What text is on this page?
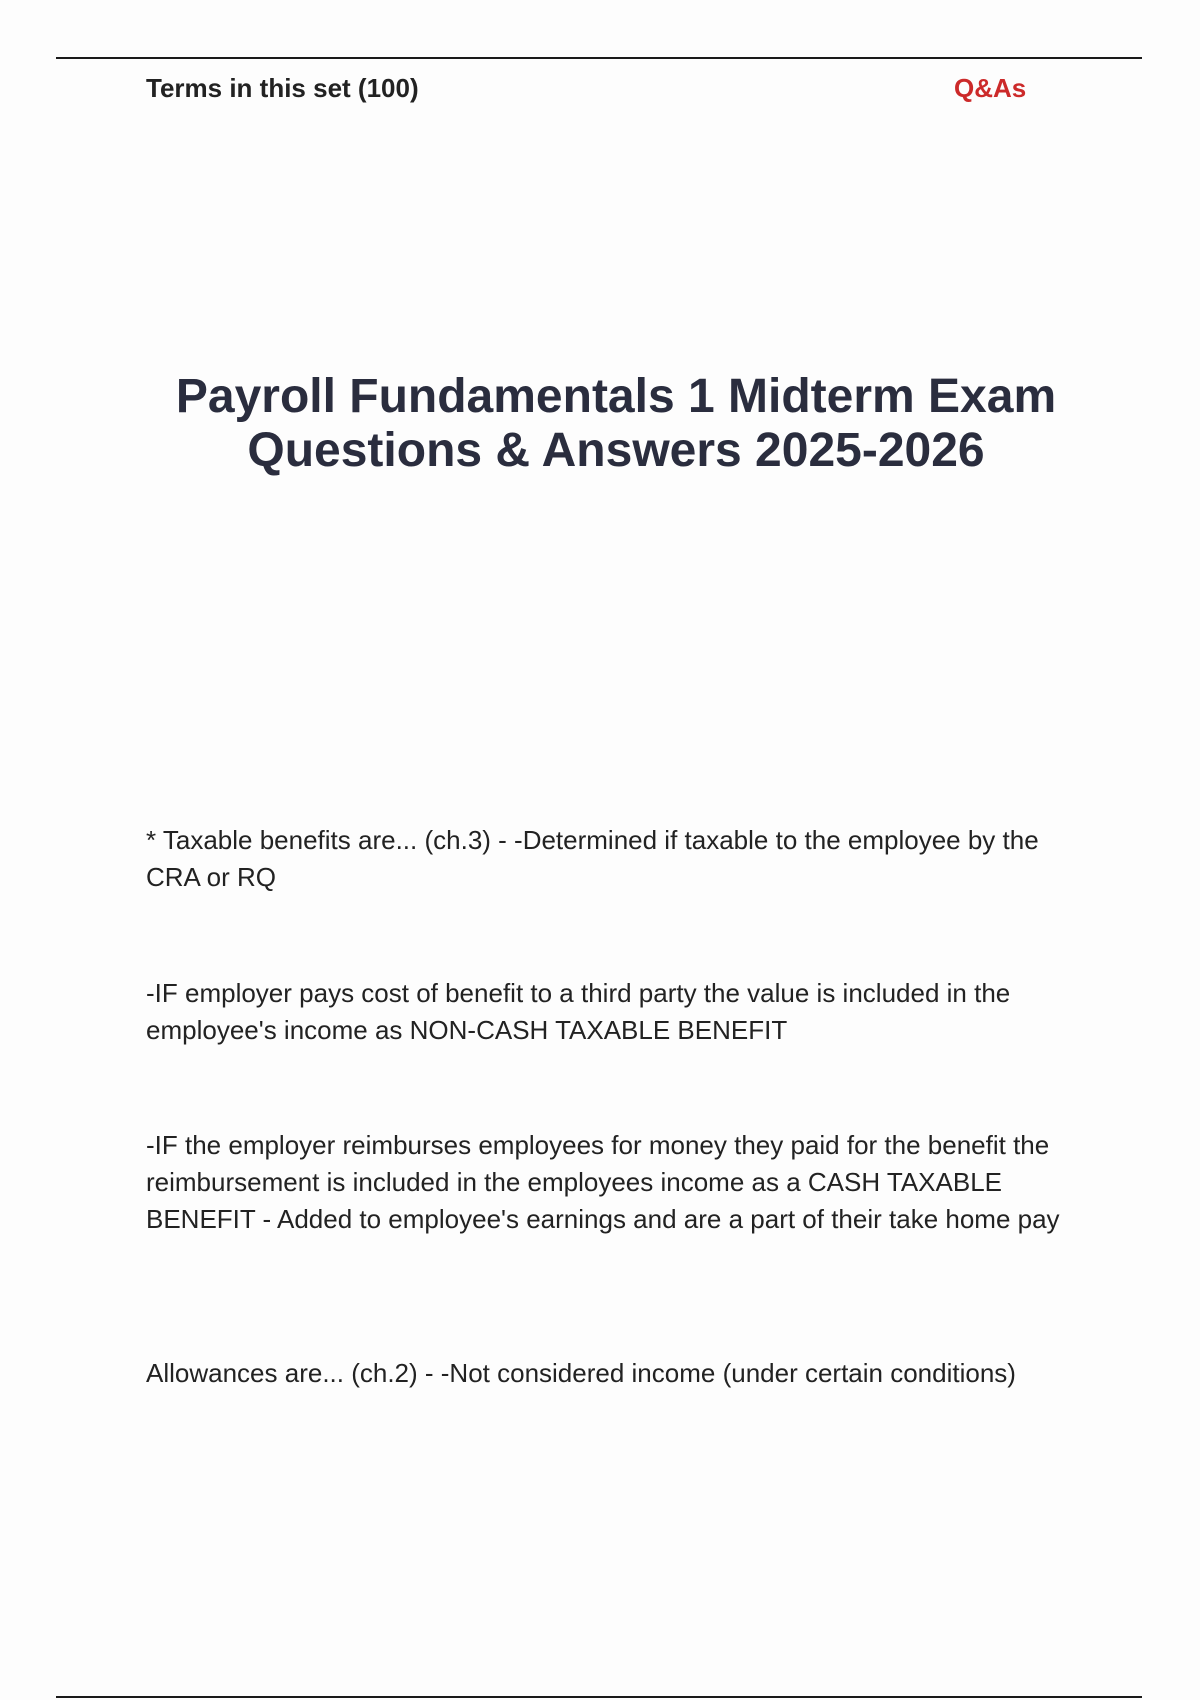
Terms in this set (100)	Q&As
Payroll Fundamentals 1 Midterm Exam
Questions & Answers 2025-2026
* Taxable benefits are... (ch.3) - -Determined if taxable to the employee by the CRA or RQ
-IF employer pays cost of benefit to a third party the value is included in the employee's income as NON-CASH TAXABLE BENEFIT
-IF the employer reimburses employees for money they paid for the benefit the reimbursement is included in the employees income as a CASH TAXABLE BENEFIT - Added to employee's earnings and are a part of their take home pay
Allowances are... (ch.2) - -Not considered income (under certain conditions)
